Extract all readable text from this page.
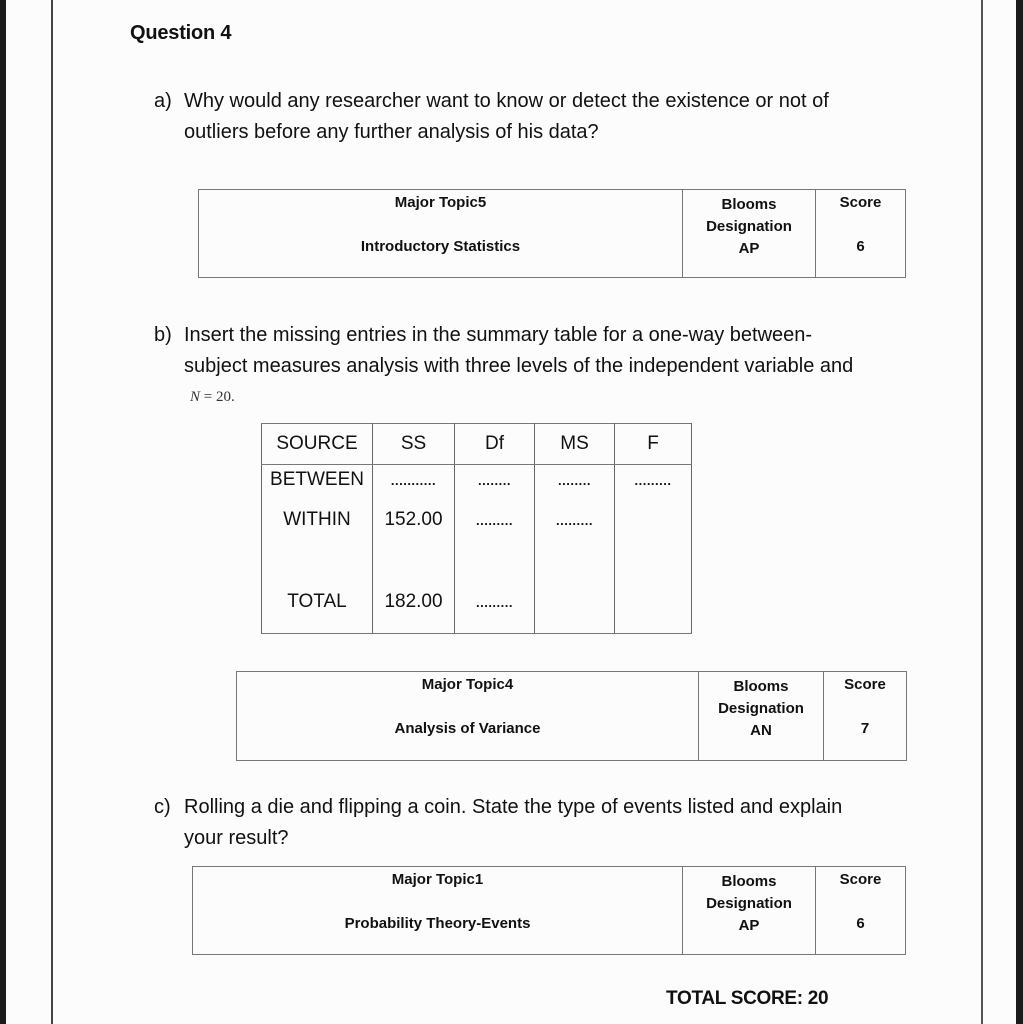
Question 4
a) Why would any researcher want to know or detect the existence or not of
outliers before any further analysis of his data?
Major Topic5
Introductory Statistics

Blooms
Designation
AP

Score
6
b) Insert the missing entries in the summary table for a one-way between-
subject measures analysis with three levels of the independent variable and
N = 20.
SOURCE	SS	Df	MS	F
BETWEEN	...........	........	........	.........
WITHIN	152.00	.........	.........	
TOTAL	182.00	.........		
Major Topic4
Analysis of Variance

Blooms
Designation
AN

Score
7
c) Rolling a die and flipping a coin. State the type of events listed and explain
your result?
Major Topic1
Probability Theory-Events

Blooms
Designation
AP

Score
6
TOTAL SCORE: 20
